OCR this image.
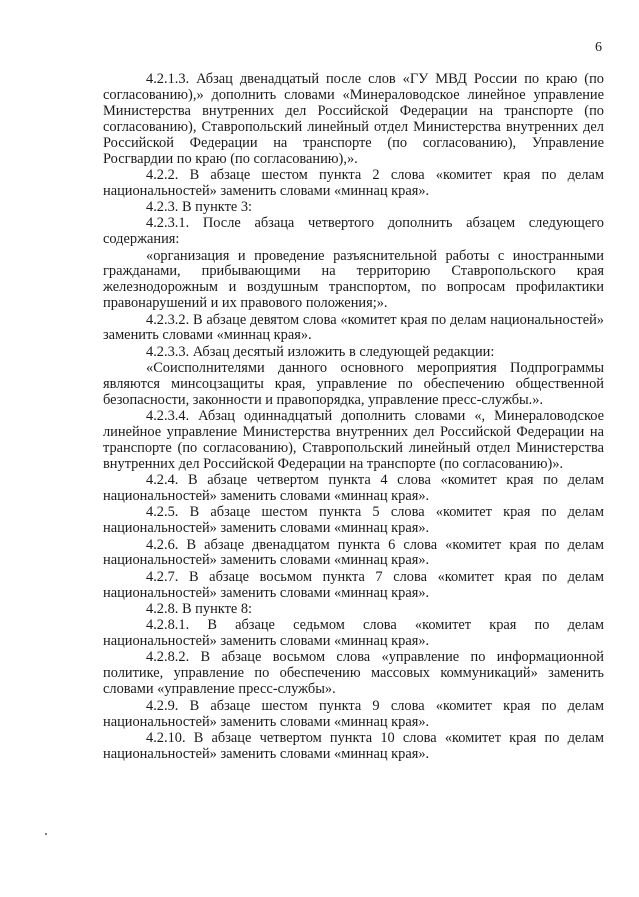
6
4.2.1.3. Абзац двенадцатый после слов «ГУ МВД России по краю (по согласованию),» дополнить словами «Минераловодское линейное управление Министерства внутренних дел Российской Федерации на транспорте (по согласованию), Ставропольский линейный отдел Министерства внутренних дел Российской Федерации на транспорте (по согласованию), Управление Росгвардии по краю (по согласованию),».
4.2.2. В абзаце шестом пункта 2 слова «комитет края по делам национальностей» заменить словами «миннац края».
4.2.3. В пункте 3:
4.2.3.1. После абзаца четвертого дополнить абзацем следующего содержания:
«организация и проведение разъяснительной работы с иностранными гражданами, прибывающими на территорию Ставропольского края железнодорожным и воздушным транспортом, по вопросам профилактики правонарушений и их правового положения;».
4.2.3.2. В абзаце девятом слова «комитет края по делам национальностей» заменить словами «миннац края».
4.2.3.3. Абзац десятый изложить в следующей редакции:
«Соисполнителями данного основного мероприятия Подпрограммы являются минсоцзащиты края, управление по обеспечению общественной безопасности, законности и правопорядка, управление пресс-службы.».
4.2.3.4. Абзац одиннадцатый дополнить словами «, Минераловодское линейное управление Министерства внутренних дел Российской Федерации на транспорте (по согласованию), Ставропольский линейный отдел Министерства внутренних дел Российской Федерации на транспорте (по согласованию)».
4.2.4. В абзаце четвертом пункта 4 слова «комитет края по делам национальностей» заменить словами «миннац края».
4.2.5. В абзаце шестом пункта 5 слова «комитет края по делам национальностей» заменить словами «миннац края».
4.2.6. В абзаце двенадцатом пункта 6 слова «комитет края по делам национальностей» заменить словами «миннац края».
4.2.7. В абзаце восьмом пункта 7 слова «комитет края по делам национальностей» заменить словами «миннац края».
4.2.8. В пункте 8:
4.2.8.1. В абзаце седьмом слова «комитет края по делам национальностей» заменить словами «миннац края».
4.2.8.2. В абзаце восьмом слова «управление по информационной политике, управление по обеспечению массовых коммуникаций» заменить словами «управление пресс-службы».
4.2.9. В абзаце шестом пункта 9 слова «комитет края по делам национальностей» заменить словами «миннац края».
4.2.10. В абзаце четвертом пункта 10 слова «комитет края по делам национальностей» заменить словами «миннац края».
